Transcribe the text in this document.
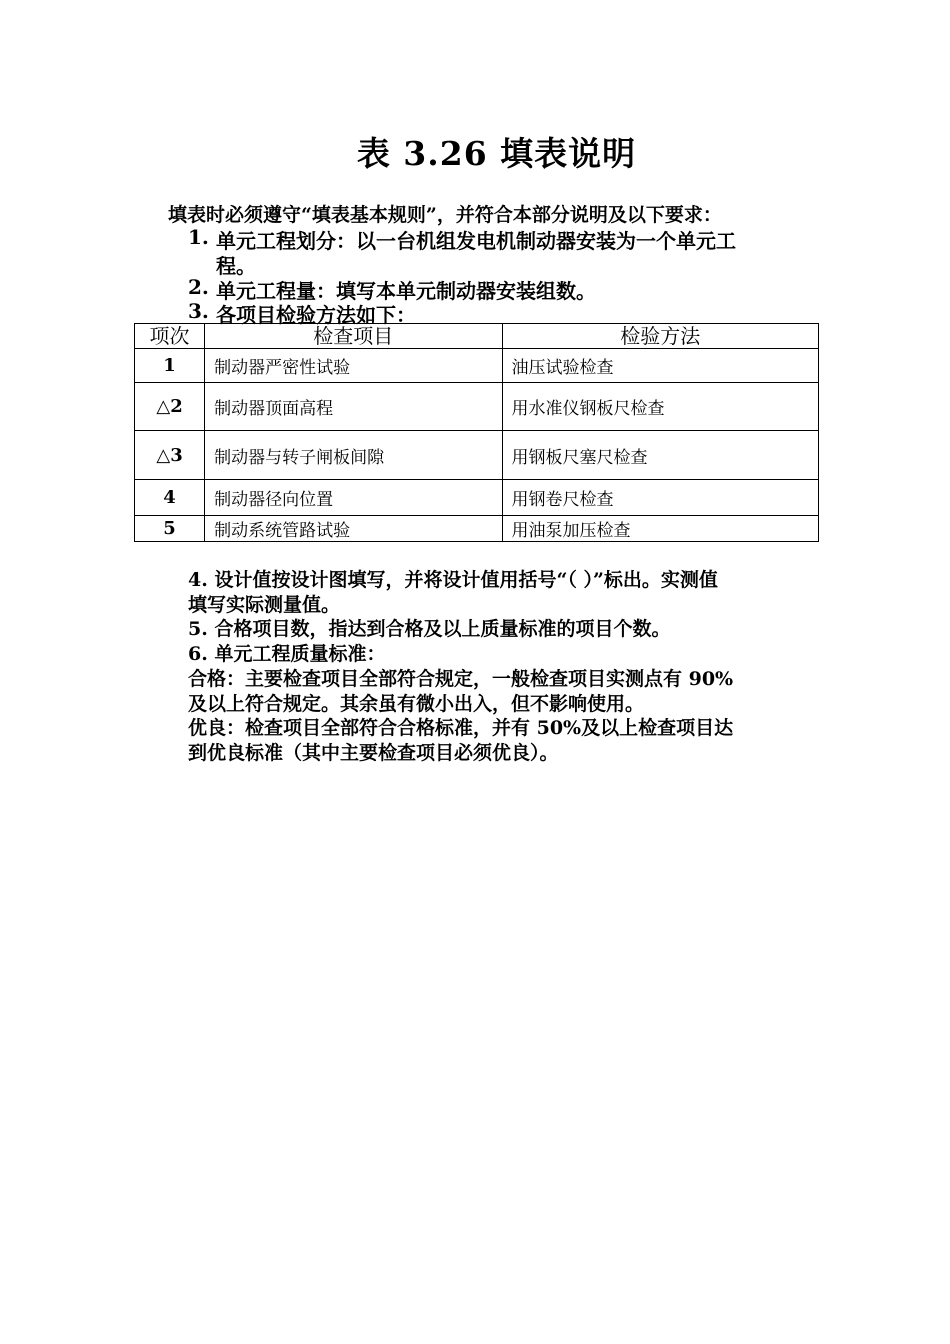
表 3.26 填表说明
填表时必须遵守“填表基本规则”，并符合本部分说明及以下要求：
1. 单元工程划分：以一台机组发电机制动器安装为一个单元工
程。
2. 单元工程量：填写本单元制动器安装组数。
3. 各项目检验方法如下：
项次	检查项目	检验方法
1	制动器严密性试验	油压试验检查
△2	制动器顶面高程	用水准仪钢板尺检查
△3	制动器与转子闸板间隙	用钢板尺塞尺检查
4	制动器径向位置	用钢卷尺检查
5	制动系统管路试验	用油泵加压检查
4. 设计值按设计图填写，并将设计值用括号“（ ）”标出。实测值
填写实际测量值。
5. 合格项目数，指达到合格及以上质量标准的项目个数。
6. 单元工程质量标准：
合格：主要检查项目全部符合规定，一般检查项目实测点有 90%
及以上符合规定。其余虽有微小出入，但不影响使用。
优良：检查项目全部符合合格标准，并有 50%及以上检查项目达
到优良标准（其中主要检查项目必须优良）。
